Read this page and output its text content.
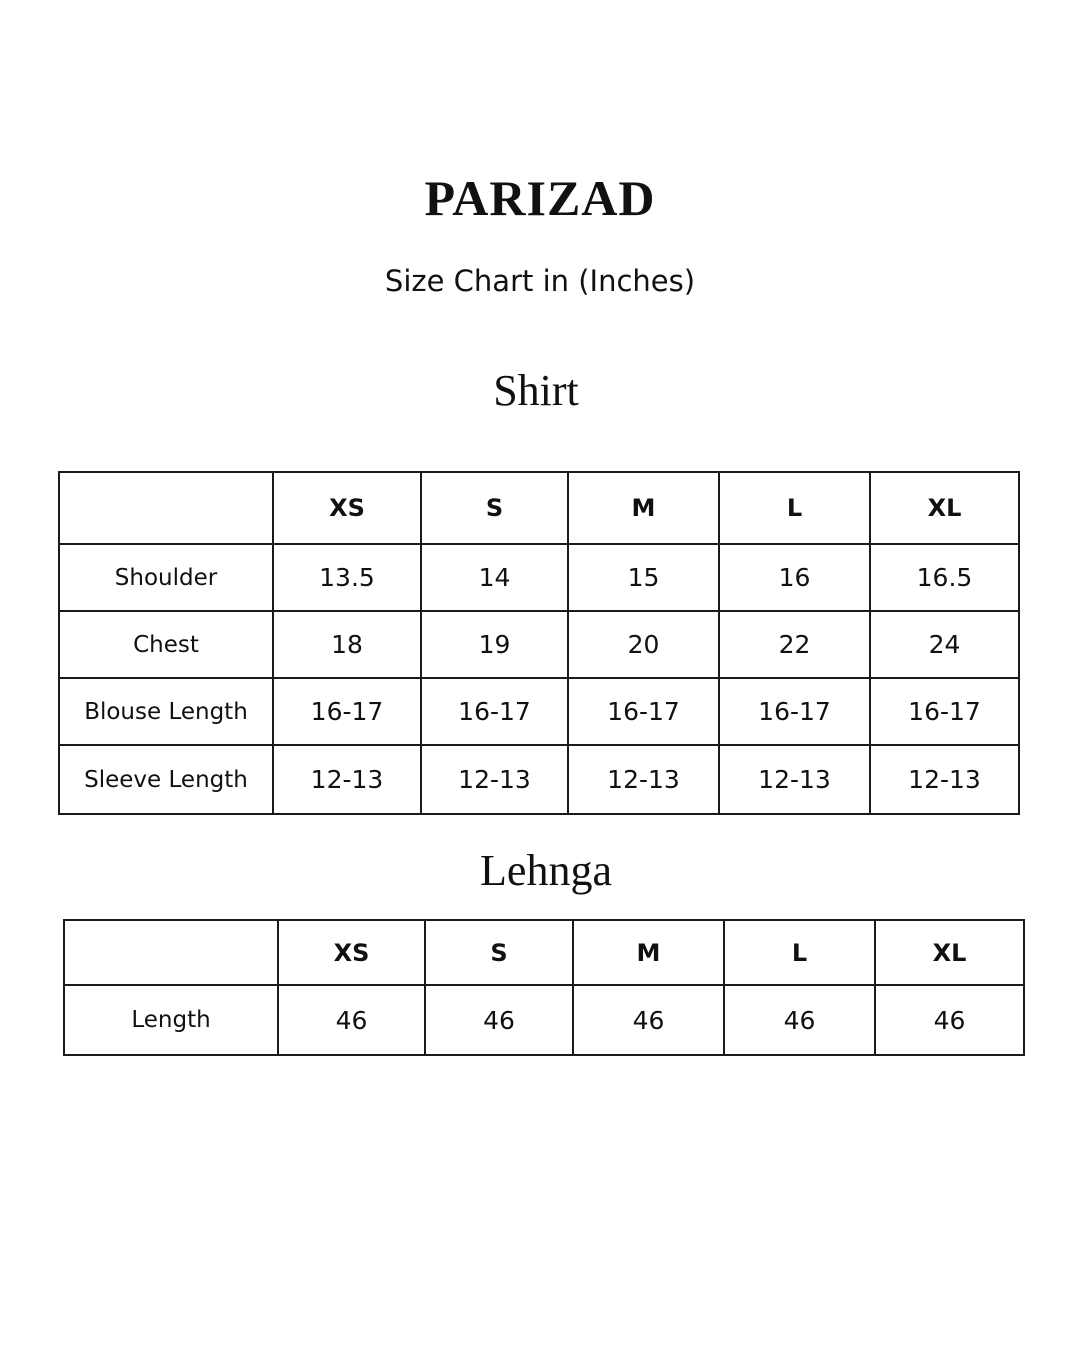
PARIZAD
Size Chart in (Inches)
Shirt
	XS	S	M	L	XL
Shoulder	13.5	14	15	16	16.5
Chest	18	19	20	22	24
Blouse Length	16-17	16-17	16-17	16-17	16-17
Sleeve Length	12-13	12-13	12-13	12-13	12-13
Lehnga
	XS	S	M	L	XL
Length	46	46	46	46	46
